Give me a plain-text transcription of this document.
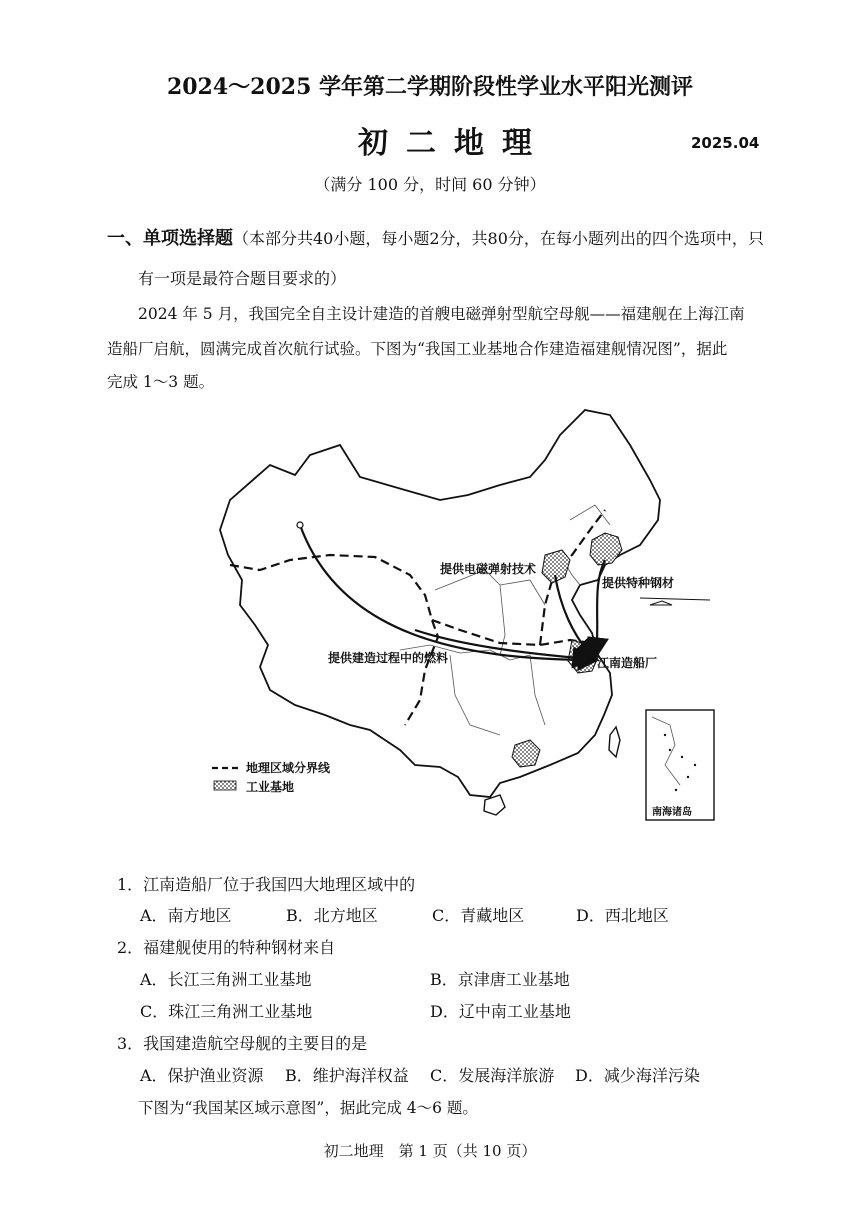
2024～2025 学年第二学期阶段性学业水平阳光测评
初二地理	2025.04
（满分 100 分，时间 60 分钟）
一、单项选择题（本部分共40小题，每小题2分，共80分，在每小题列出的四个选项中，只
有一项是最符合题目要求的）
2024 年 5 月，我国完全自主设计建造的首艘电磁弹射型航空母舰——福建舰在上海江南
造船厂启航，圆满完成首次航行试验。下图为“我国工业基地合作建造福建舰情况图”，据此
完成 1～3 题。
提供电磁弹射技术
提供特种钢材
提供建造过程中的燃料	江南造船厂
南海诸岛
地理区域分界线
工业基地
1．江南造船厂位于我国四大地理区域中的
A．南方地区	B．北方地区	C．青藏地区	D．西北地区
2．福建舰使用的特种钢材来自
A．长江三角洲工业基地	B．京津唐工业基地
C．珠江三角洲工业基地	D．辽中南工业基地
3．我国建造航空母舰的主要目的是
A．保护渔业资源 B．维护海洋权益 C．发展海洋旅游 D．减少海洋污染
下图为“我国某区域示意图”，据此完成 4～6 题。
初二地理　第 1 页（共 10 页）
